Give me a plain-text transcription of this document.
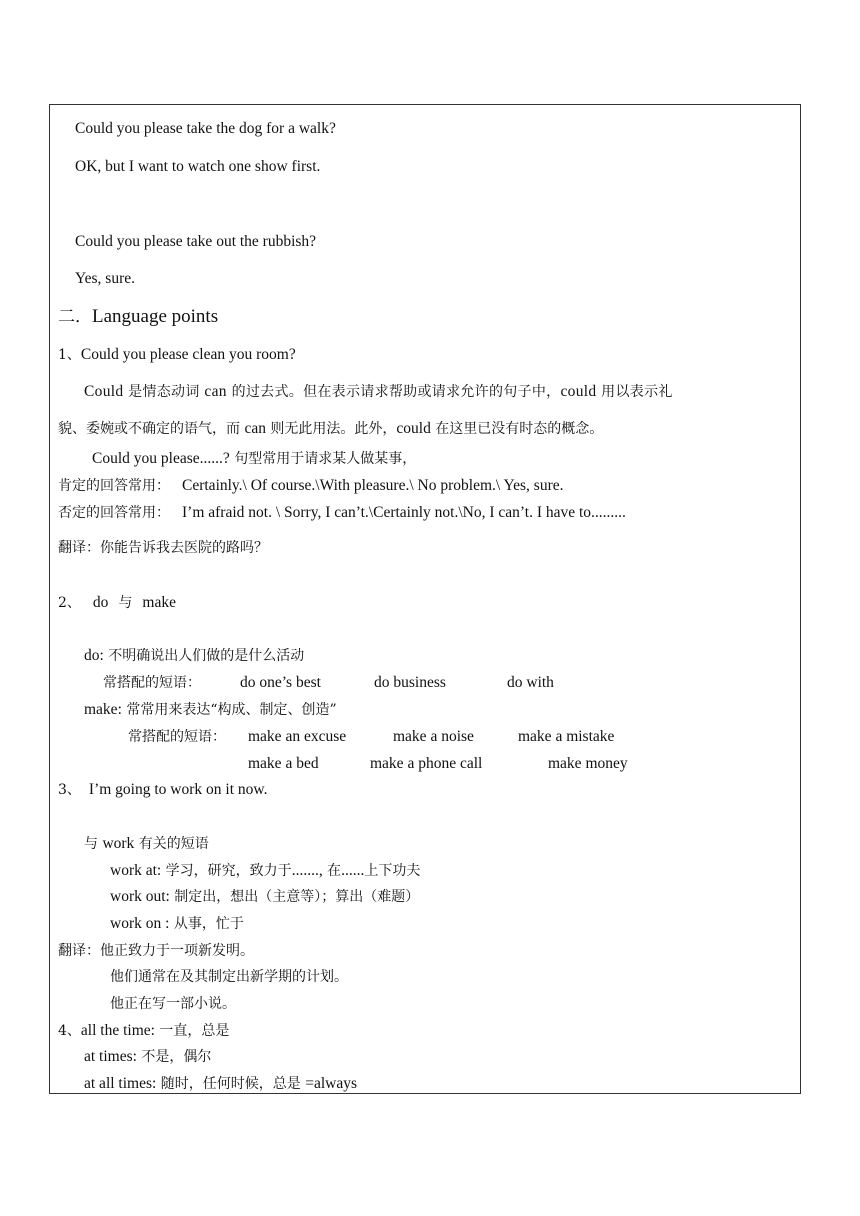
Could you please take the dog for a walk?
OK, but I want to watch one show first.
Could you please take out the rubbish?
Yes, sure.
二．Language points
1、Could you please clean you room?
Could 是情态动词 can 的过去式。但在表示请求帮助或请求允许的句子中，could 用以表示礼
貌、委婉或不确定的语气，而 can 则无此用法。此外，could 在这里已没有时态的概念。
Could you please......? 句型常用于请求某人做某事，
肯定的回答常用： Certainly.\ Of course.\With pleasure.\ No problem.\ Yes, sure.
否定的回答常用： I’m afraid not. \ Sorry, I can’t.\Certainly not.\No, I can’t. I have to.........
翻译：你能告诉我去医院的路吗？
2、 do 与 make
do: 不明确说出人们做的是什么活动
常搭配的短语：	do one’s best	do business	do with
make: 常常用来表达“构成、制定、创造”
常搭配的短语： make an excuse	make a noise	make a mistake
make a bed	make a phone call	make money
3、 I’m going to work on it now.
与 work 有关的短语
work at: 学习，研究，致力于......., 在......上下功夫
work out: 制定出，想出（主意等）；算出（难题）
work on : 从事，忙于
翻译：他正致力于一项新发明。
他们通常在及其制定出新学期的计划。
他正在写一部小说。
4、all the time: 一直，总是
at times: 不是，偶尔
at all times: 随时，任何时候，总是 =always
